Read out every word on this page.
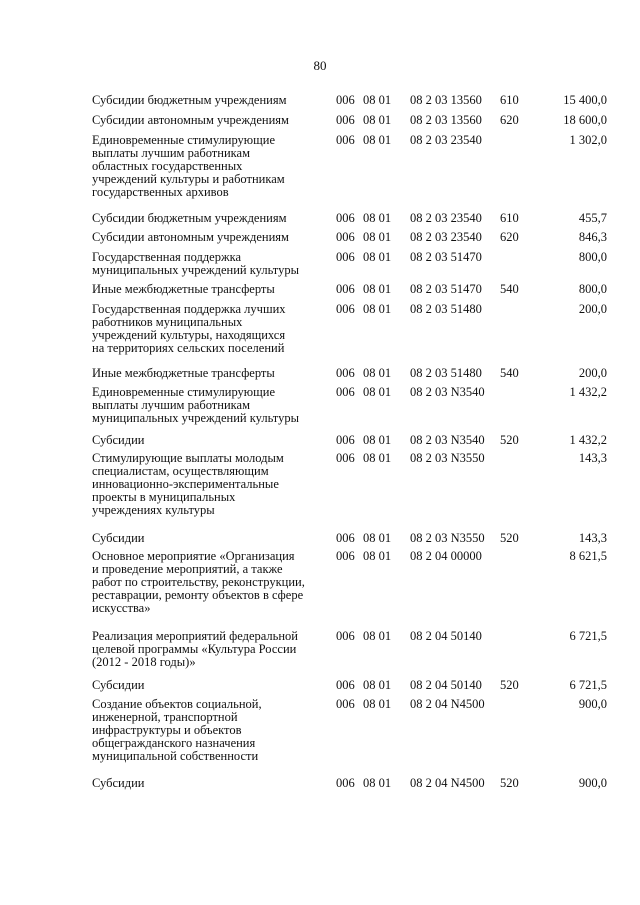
80
Субсидии бюджетным учреждениям	006 08 01 08 2 03 13560 610	15 400,0
Субсидии автономным учреждениям	006 08 01 08 2 03 13560 620	18 600,0
Единовременные стимулирующие
выплаты лучшим работникам
областных государственных
учреждений культуры и работникам
государственных архивов
006 08 01 08 2 03 23540	1 302,0
Субсидии бюджетным учреждениям	006 08 01 08 2 03 23540 610	455,7
Субсидии автономным учреждениям	006 08 01 08 2 03 23540 620	846,3
Государственная поддержка
муниципальных учреждений культуры
006 08 01 08 2 03 51470	800,0
Иные межбюджетные трансферты	006 08 01 08 2 03 51470 540	800,0
Государственная поддержка лучших
работников муниципальных
учреждений культуры, находящихся
на территориях сельских поселений
006 08 01 08 2 03 51480	200,0
Иные межбюджетные трансферты	006 08 01 08 2 03 51480 540	200,0
Единовременные стимулирующие
выплаты лучшим работникам
муниципальных учреждений культуры
006 08 01 08 2 03 N3540	1 432,2
Субсидии	006 08 01 08 2 03 N3540 520	1 432,2
Стимулирующие выплаты молодым
специалистам, осуществляющим
инновационно-экспериментальные
проекты в муниципальных
учреждениях культуры
006 08 01 08 2 03 N3550	143,3
Субсидии	006 08 01 08 2 03 N3550 520	143,3
Основное мероприятие «Организация
и проведение мероприятий, а также
работ по строительству, реконструкции,
реставрации, ремонту объектов в сфере
искусства»
006 08 01 08 2 04 00000	8 621,5
Реализация мероприятий федеральной
целевой программы «Культура России
(2012 - 2018 годы)»
006 08 01 08 2 04 50140	6 721,5
Субсидии	006 08 01 08 2 04 50140 520	6 721,5
Создание объектов социальной,
инженерной, транспортной
инфраструктуры и объектов
общегражданского назначения
муниципальной собственности
006 08 01 08 2 04 N4500	900,0
Субсидии	006 08 01 08 2 04 N4500 520	900,0
